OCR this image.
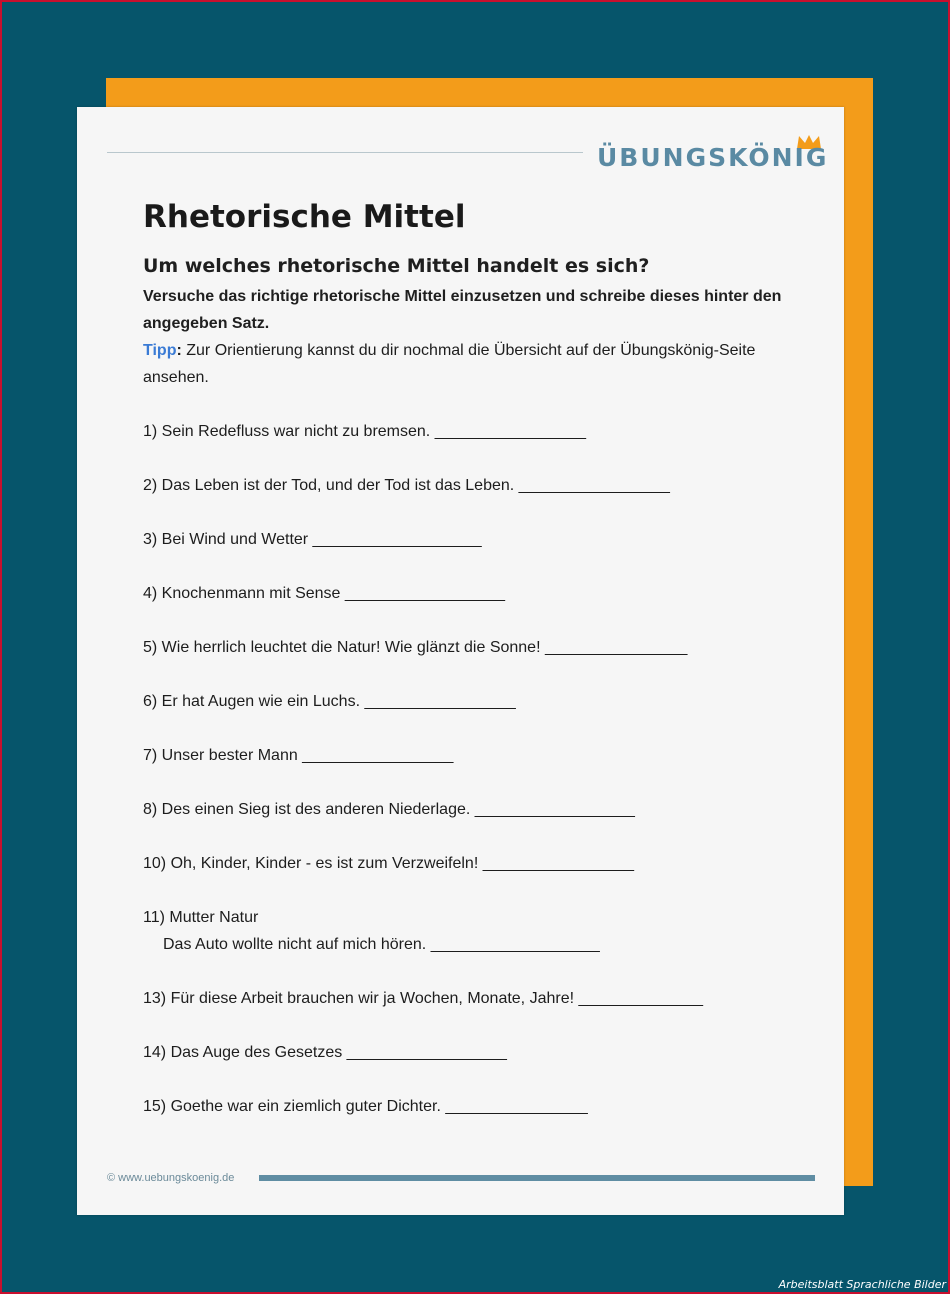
ÜBUNGSKÖNIG
Rhetorische Mittel
Um welches rhetorische Mittel handelt es sich?

Versuche das richtige rhetorische Mittel einzusetzen und schreibe dieses hinter den angegeben Satz.

Tipp: Zur Orientierung kannst du dir nochmal die Übersicht auf der Übungskönig-Seite ansehen.

1) Sein Redefluss war nicht zu bremsen. _________________
2) Das Leben ist der Tod, und der Tod ist das Leben. _________________
3) Bei Wind und Wetter ___________________
4) Knochenmann mit Sense __________________
5) Wie herrlich leuchtet die Natur! Wie glänzt die Sonne! ________________
6) Er hat Augen wie ein Luchs. _________________
7) Unser bester Mann _________________
8) Des einen Sieg ist des anderen Niederlage. __________________
10) Oh, Kinder, Kinder - es ist zum Verzweifeln! _________________
11) Mutter Natur
Das Auto wollte nicht auf mich hören. ___________________
13) Für diese Arbeit brauchen wir ja Wochen, Monate, Jahre! ______________
14) Das Auge des Gesetzes __________________
15) Goethe war ein ziemlich guter Dichter. ________________
© www.uebungskoenig.de
Arbeitsblatt Sprachliche Bilder
